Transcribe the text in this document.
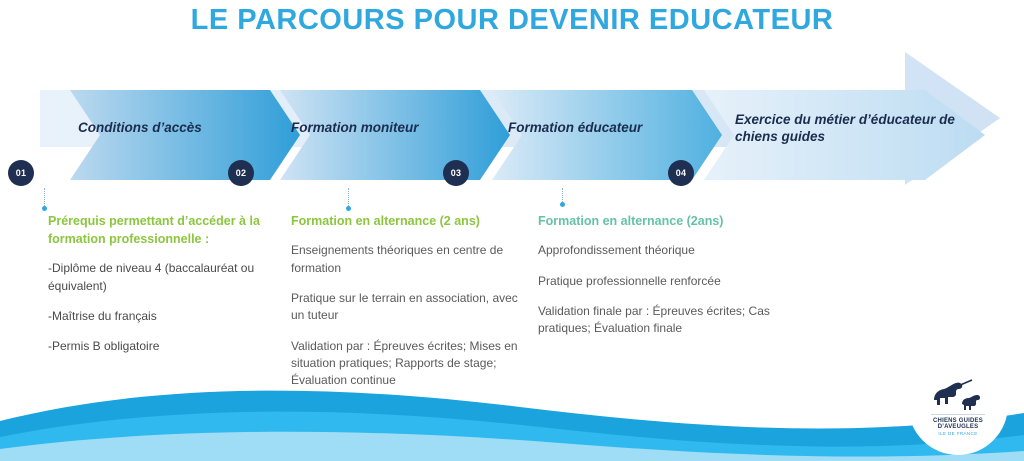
LE PARCOURS POUR DEVENIR EDUCATEUR
Conditions d’accès	Formation moniteur	Formation éducateur
Exercice du métier d’éducateur de chiens guides
01	02	03	04
Prérequis permettant d’accéder à la formation professionnelle :
-Diplôme de niveau 4 (baccalauréat ou équivalent)
-Maîtrise du français
-Permis B obligatoire
Formation en alternance (2 ans)
Enseignements théoriques en centre de formation
Pratique sur le terrain en association, avec un tuteur
Validation par : Épreuves écrites; Mises en situation pratiques; Rapports de stage; Évaluation continue
Formation en alternance (2ans)
Approfondissement théorique
Pratique professionnelle renforcée
Validation finale par : Épreuves écrites; Cas pratiques; Évaluation finale
CHIENS GUIDES
D’AVEUGLES
ILE DE FRANCE
